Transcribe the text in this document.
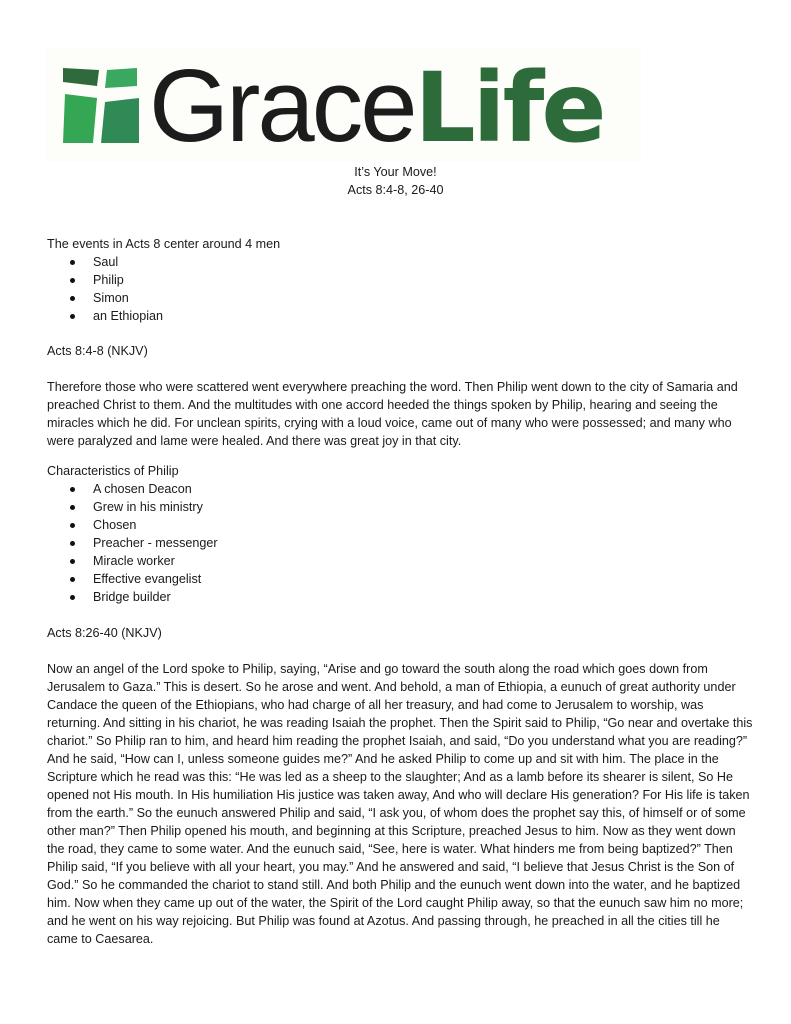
GraceLife
It’s Your Move!
Acts 8:4-8, 26-40

The events in Acts 8 center around 4 men

Saul
Philip
Simon
an Ethiopian
Acts 8:4-8 (NKJV)
Therefore those who were scattered went everywhere preaching the word. Then Philip went down to the city of Samaria and preached Christ to them. And the multitudes with one accord heeded the things spoken by Philip, hearing and seeing the miracles which he did. For unclean spirits, crying with a loud voice, came out of many who were possessed; and many who were paralyzed and lame were healed. And there was great joy in that city.

Characteristics of Philip

A chosen Deacon
Grew in his ministry
Chosen
Preacher - messenger
Miracle worker
Effective evangelist
Bridge builder
Acts 8:26-40 (NKJV)
Now an angel of the Lord spoke to Philip, saying, “Arise and go toward the south along the road which goes down from Jerusalem to Gaza.” This is desert. So he arose and went. And behold, a man of Ethiopia, a eunuch of great authority under Candace the queen of the Ethiopians, who had charge of all her treasury, and had come to Jerusalem to worship, was returning. And sitting in his chariot, he was reading Isaiah the prophet. Then the Spirit said to Philip, “Go near and overtake this chariot.” So Philip ran to him, and heard him reading the prophet Isaiah, and said, “Do you understand what you are reading?” And he said, “How can I, unless someone guides me?” And he asked Philip to come up and sit with him. The place in the Scripture which he read was this: “He was led as a sheep to the slaughter; And as a lamb before its shearer is silent, So He opened not His mouth. In His humiliation His justice was taken away, And who will declare His generation? For His life is taken from the earth.” So the eunuch answered Philip and said, “I ask you, of whom does the prophet say this, of himself or of some other man?” Then Philip opened his mouth, and beginning at this Scripture, preached Jesus to him. Now as they went down the road, they came to some water. And the eunuch said, “See, here is water. What hinders me from being baptized?” Then Philip said, “If you believe with all your heart, you may.” And he answered and said, “I believe that Jesus Christ is the Son of God.” So he commanded the chariot to stand still. And both Philip and the eunuch went down into the water, and he baptized him. Now when they came up out of the water, the Spirit of the Lord caught Philip away, so that the eunuch saw him no more; and he went on his way rejoicing. But Philip was found at Azotus. And passing through, he preached in all the cities till he came to Caesarea.
